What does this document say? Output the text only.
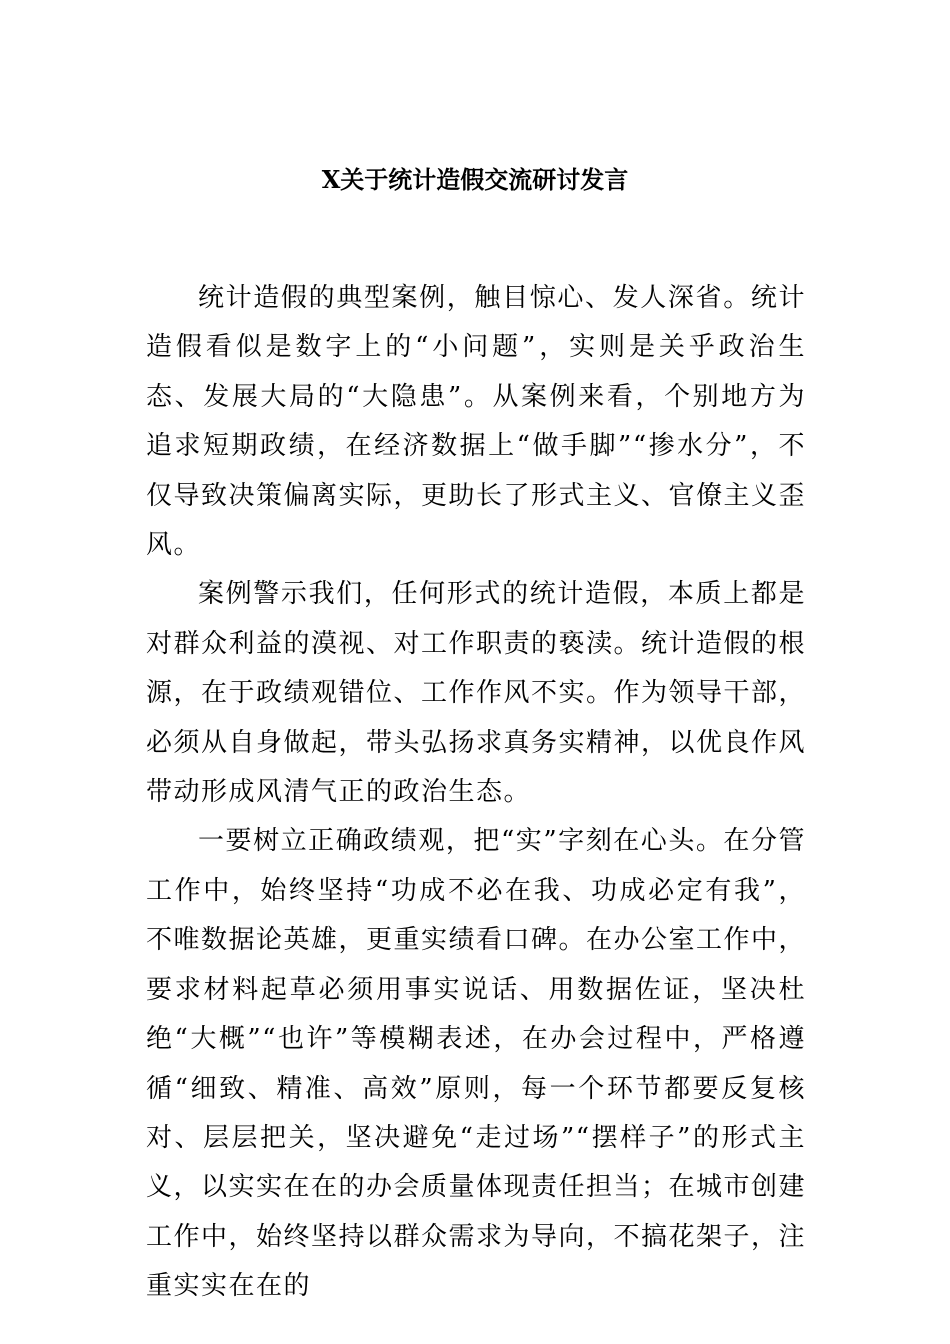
X关于统计造假交流研讨发言

统计造假的典型案例，触目惊心、发人深省。统计造假看似是数字上的“小问题”，实则是关乎政治生态、发展大局的“大隐患”。从案例来看，个别地方为追求短期政绩，在经济数据上“做手脚”“掺水分”，不仅导致决策偏离实际，更助长了形式主义、官僚主义歪风。

案例警示我们，任何形式的统计造假，本质上都是对群众利益的漠视、对工作职责的亵渎。统计造假的根源，在于政绩观错位、工作作风不实。作为领导干部，必须从自身做起，带头弘扬求真务实精神，以优良作风带动形成风清气正的政治生态。

一要树立正确政绩观，把“实”字刻在心头。在分管工作中，始终坚持“功成不必在我、功成必定有我”，不唯数据论英雄，更重实绩看口碑。在办公室工作中，要求材料起草必须用事实说话、用数据佐证，坚决杜绝“大概”“也许”等模糊表述，在办会过程中，严格遵循“细致、精准、高效”原则，每一个环节都要反复核对、层层把关，坚决避免“走过场”“摆样子”的形式主义，以实实在在的办会质量体现责任担当；在城市创建工作中，始终坚持以群众需求为导向，不搞花架子，注重实实在在的
